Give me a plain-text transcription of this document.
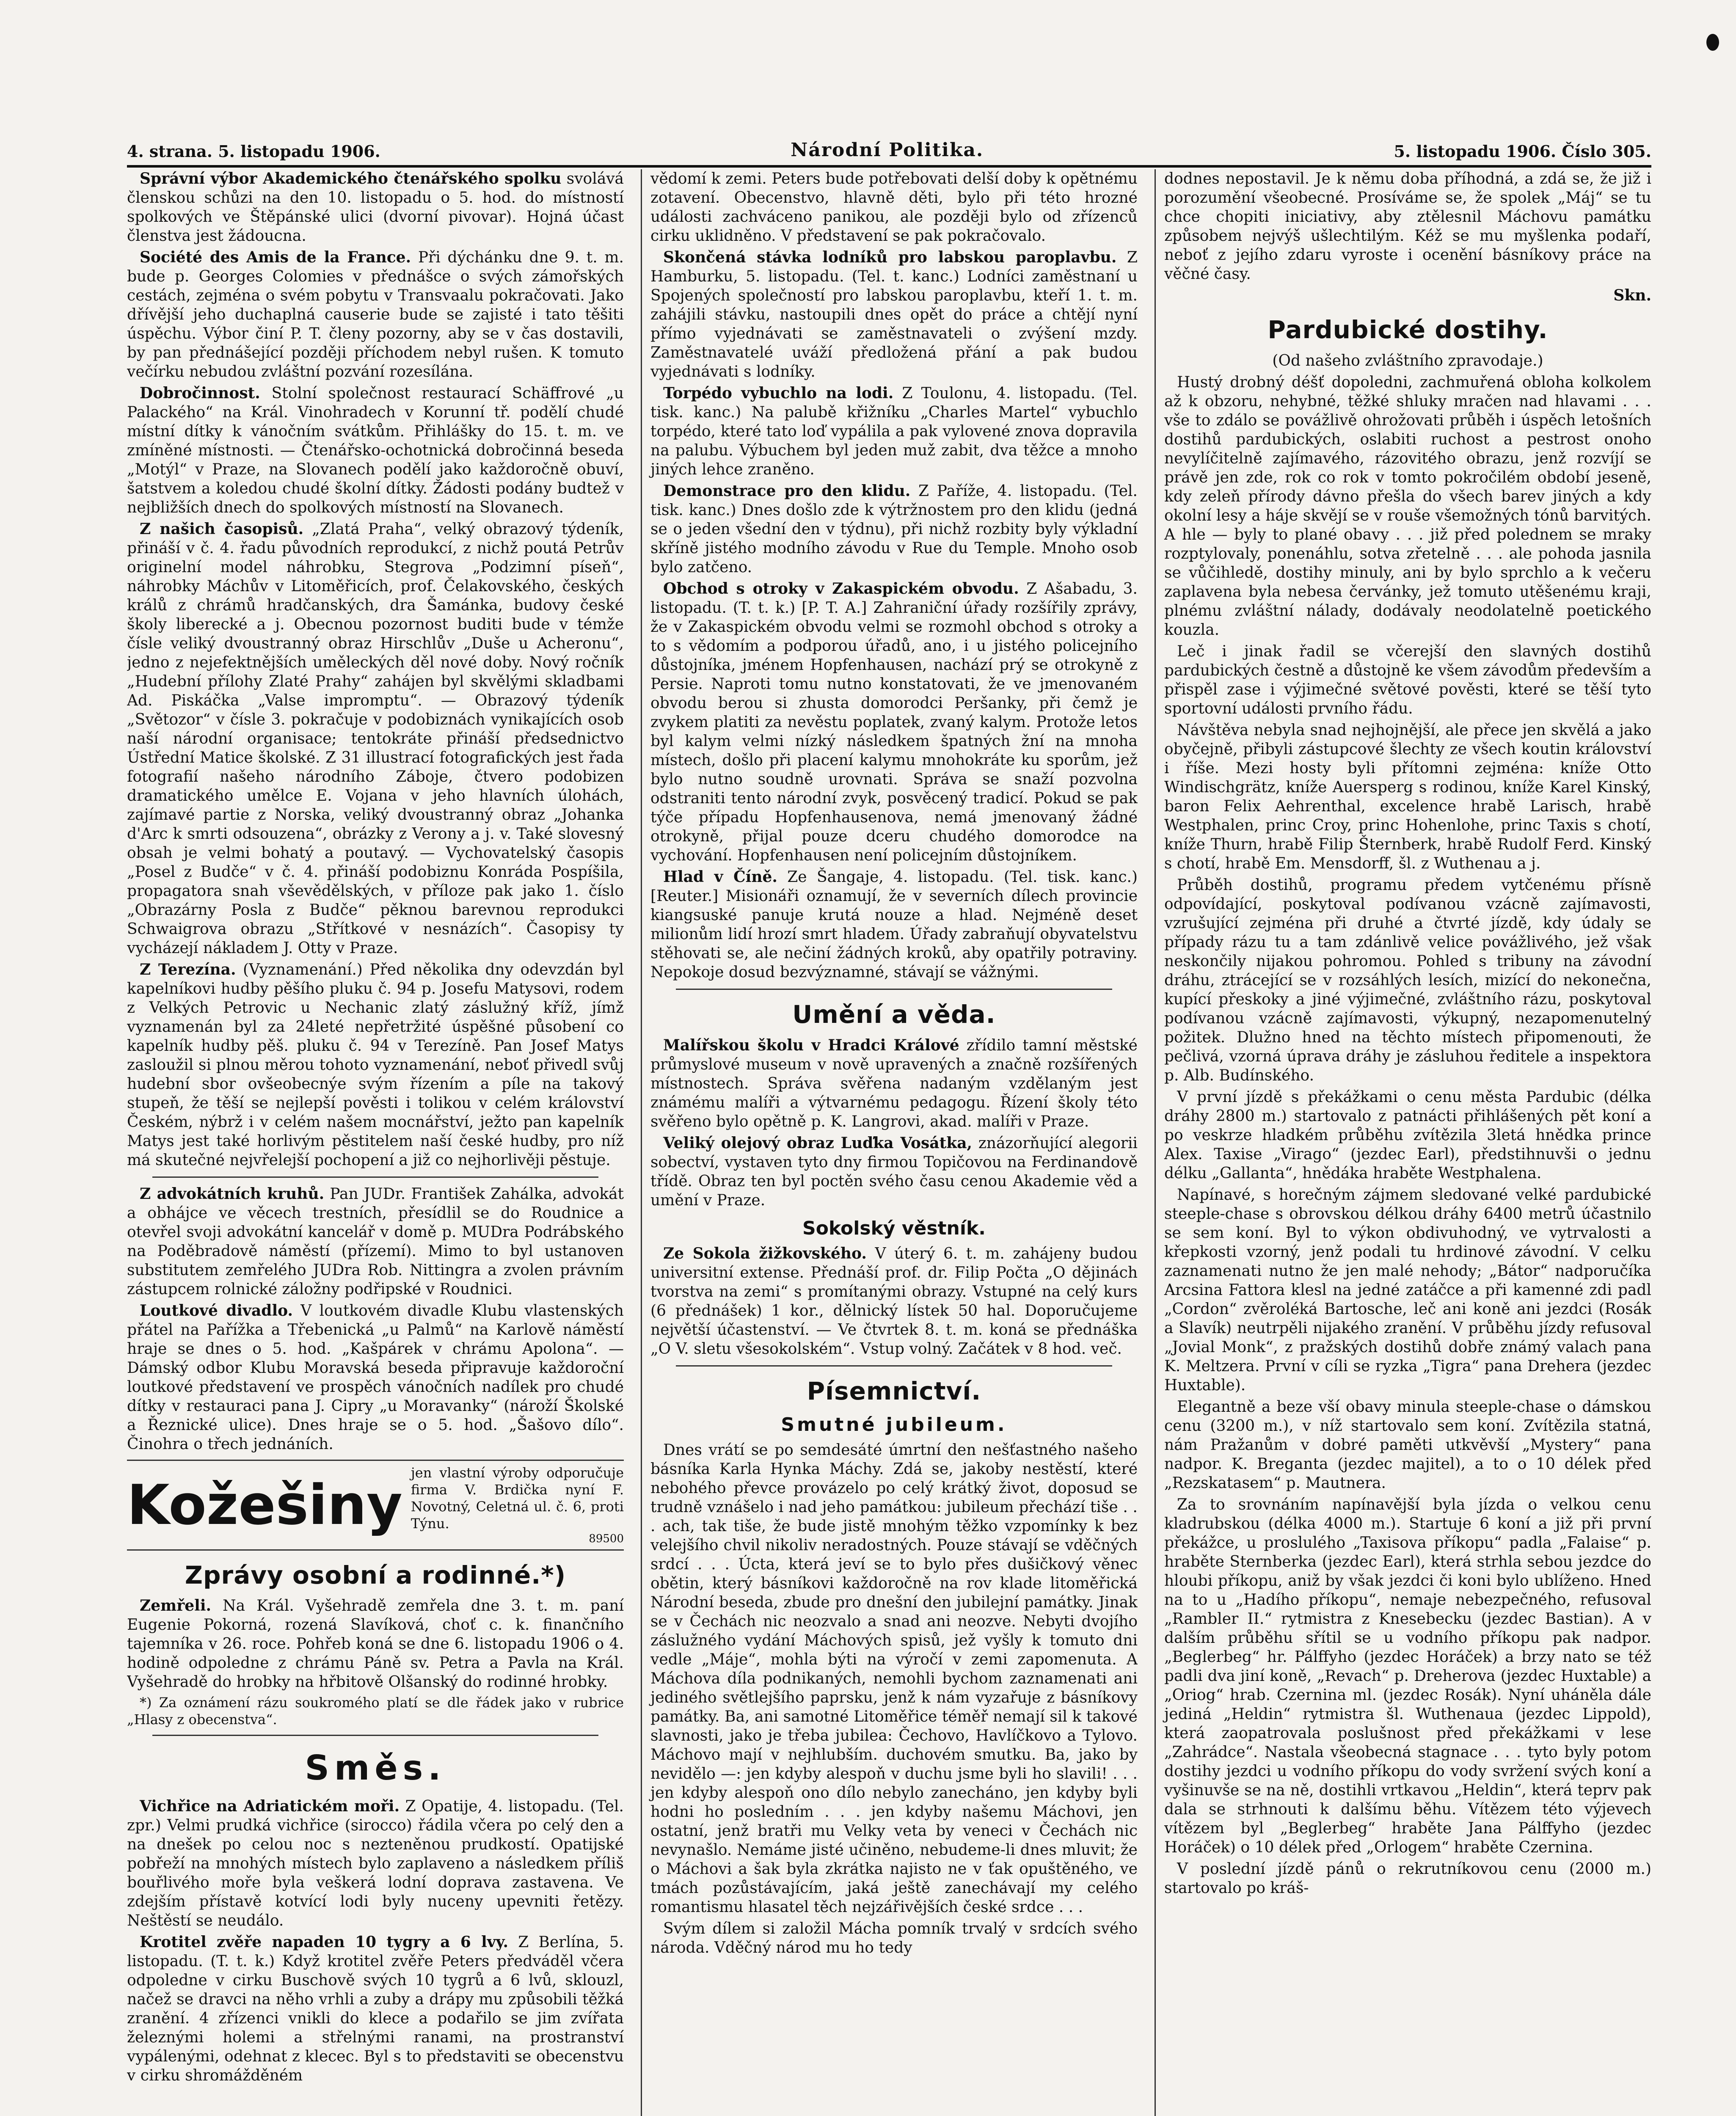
4. strana. 5. listopadu 1906.	Národní Politika.	5. listopadu 1906. Číslo 305.

Správní výbor Akademického čtenářského spolku svolává členskou schůzi na den 10. listopadu o 5. hod. do místností spolkových ve Štěpánské ulici (dvorní pivovar). Hojná účast členstva jest žádoucna.

Société des Amis de la France. Při dýchánku dne 9. t. m. bude p. Georges Colomies v přednášce o svých zámořských cestách, zejména o svém pobytu v Transvaalu pokračovati. Jako dřívější jeho duchaplná causerie bude se zajisté i tato těšiti úspěchu. Výbor činí P. T. členy pozorny, aby se v čas dostavili, by pan přednášející později příchodem nebyl rušen. K tomuto večírku nebudou zvláštní pozvání rozesílána.

Dobročinnost. Stolní společnost restaurací Schäffrové „u Palackého“ na Král. Vinohradech v Korunní tř. podělí chudé místní dítky k vánočním svátkům. Přihlášky do 15. t. m. ve zmíněné místnosti. — Čtenářsko-ochotnická dobročinná beseda „Motýl“ v Praze, na Slovanech podělí jako každoročně obuví, šatstvem a koledou chudé školní dítky. Žádosti podány budtež v nejbližších dnech do spolkových místností na Slovanech.

Z našich časopisů. „Zlatá Praha“, velký obrazový týdeník, přináší v č. 4. řadu původních reprodukcí, z nichž poutá Petrův originelní model náhrobku, Stegrova „Podzimní píseň“, náhrobky Máchův v Litoměřicích, prof. Čelakovského, českých králů z chrámů hradčanských, dra Šamánka, budovy české školy liberecké a j. Obecnou pozornost buditi bude v témže čísle veliký dvoustranný obraz Hirschlův „Duše u Acheronu“, jedno z nejefektnějších uměleckých děl nové doby. Nový ročník „Hudební přílohy Zlaté Prahy“ zahájen byl skvělými skladbami Ad. Piskáčka „Valse impromptu“. — Obrazový týdeník „Světozor“ v čísle 3. pokračuje v podobiznách vynikajících osob naší národní organisace; tentokráte přináší předsednictvo Ústřední Matice školské. Z 31 illustrací fotografických jest řada fotografií našeho národního Záboje, čtvero podobizen dramatického umělce E. Vojana v jeho hlavních úlohách, zajímavé partie z Norska, veliký dvoustranný obraz „Johanka d'Arc k smrti odsouzena“, obrázky z Verony a j. v. Také slovesný obsah je velmi bohatý a poutavý. — Vychovatelský časopis „Posel z Budče“ v č. 4. přináší podobiznu Konráda Pospíšila, propagatora snah vševědělských, v příloze pak jako 1. číslo „Obrazárny Posla z Budče“ pěknou barevnou reprodukci Schwaigrova obrazu „Střítkové v nesnázích“. Časopisy ty vycházejí nákladem J. Otty v Praze.

Z Terezína. (Vyznamenání.) Před několika dny odevzdán byl kapelníkovi hudby pěšího pluku č. 94 p. Josefu Matysovi, rodem z Velkých Petrovic u Nechanic zlatý záslužný kříž, jímž vyznamenán byl za 24leté nepřetržité úspěšné působení co kapelník hudby pěš. pluku č. 94 v Terezíně. Pan Josef Matys zasloužil si plnou měrou tohoto vyznamenání, neboť přivedl svůj hudební sbor ovšeobecnýe svým řízením a píle na takový stupeň, že těší se nejlepší pověsti i tolikou v celém království Českém, nýbrž i v celém našem mocnářství, ježto pan kapelník Matys jest také horlivým pěstitelem naší české hudby, pro níž má skutečné nejvřelejší pochopení a již co nejhorlivěji pěstuje.

Z advokátních kruhů. Pan JUDr. František Zahálka, advokát a obhájce ve věcech trestních, přesídlil se do Roudnice a otevřel svoji advokátní kancelář v domě p. MUDra Podrábského na Poděbradově náměstí (přízemí). Mimo to byl ustanoven substitutem zemřelého JUDra Rob. Nittingra a zvolen právním zástupcem rolnické záložny podřipské v Roudnici.

Loutkové divadlo. V loutkovém divadle Klubu vlastenských přátel na Pařížka a Třebenická „u Palmů“ na Karlově náměstí hraje se dnes o 5. hod. „Kašpárek v chrámu Apolona“. — Dámský odbor Klubu Moravská beseda připravuje každoroční loutkové představení ve prospěch vánočních nadílek pro chudé dítky v restauraci pana J. Cipry „u Moravanky“ (nároží Školské a Řeznické ulice). Dnes hraje se o 5. hod. „Šašovo dílo“. Činohra o třech jednáních.

Kožešiny
jen vlastní výroby odporučuje firma V. Brdička nyní F. Novotný, Celetná ul. č. 6, proti Týnu.
89500
Zprávy osobní a rodinné.*)

Zemřeli. Na Král. Vyšehradě zemřela dne 3. t. m. paní Eugenie Pokorná, rozená Slavíková, choť c. k. finančního tajemníka v 26. roce. Pohřeb koná se dne 6. listopadu 1906 o 4. hodině odpoledne z chrámu Páně sv. Petra a Pavla na Král. Vyšehradě do hrobky na hřbitově Olšanský do rodinné hrobky.

*) Za oznámení rázu soukromého platí se dle řádek jako v rubrice „Hlasy z obecenstva“.

Směs.

Vichřice na Adriatickém moři. Z Opatije, 4. listopadu. (Tel. zpr.) Velmi prudká vichřice (sirocco) řádila včera po celý den a na dnešek po celou noc s nezteněnou prudkostí. Opatijské pobřeží na mnohých místech bylo zaplaveno a následkem příliš bouřlivého moře byla veškerá lodní doprava zastavena. Ve zdejším přístavě kotvící lodi byly nuceny upevniti řetězy. Neštěstí se neudálo.

Krotitel zvěře napaden 10 tygry a 6 lvy. Z Berlína, 5. listopadu. (T. t. k.) Když krotitel zvěře Peters předváděl včera odpoledne v cirku Buschově svých 10 tygrů a 6 lvů, sklouzl, načež se dravci na něho vrhli a zuby a drápy mu způsobili těžká zranění. 4 zřízenci vnikli do klece a podařilo se jim zvířata železnými holemi a střelnými ranami, na prostranství vypálenými, odehnat z klecec. Byl s to představiti se obecenstvu v cirku shromážděném

vědomí k zemi. Peters bude potřebovati delší doby k opětnému zotavení. Obecenstvo, hlavně děti, bylo při této hrozné události zachváceno panikou, ale později bylo od zřízenců cirku uklidněno. V představení se pak pokračovalo.

Skončená stávka lodníků pro labskou paroplavbu. Z Hamburku, 5. listopadu. (Tel. t. kanc.) Lodníci zaměstnaní u Spojených společností pro labskou paroplavbu, kteří 1. t. m. zahájili stávku, nastoupili dnes opět do práce a chtějí nyní přímo vyjednávati se zaměstnavateli o zvýšení mzdy. Zaměstnavatelé uváží předložená přání a pak budou vyjednávati s lodníky.

Torpédo vybuchlo na lodi. Z Toulonu, 4. listopadu. (Tel. tisk. kanc.) Na palubě křižníku „Charles Martel“ vybuchlo torpédo, které tato loď vypálila a pak vylovené znova dopravila na palubu. Výbuchem byl jeden muž zabit, dva těžce a mnoho jiných lehce zraněno.

Demonstrace pro den klidu. Z Paříže, 4. listopadu. (Tel. tisk. kanc.) Dnes došlo zde k výtržnostem pro den klidu (jedná se o jeden všední den v týdnu), při nichž rozbity byly výkladní skříně jistého modního závodu v Rue du Temple. Mnoho osob bylo zatčeno.

Obchod s otroky v Zakaspickém obvodu. Z Ašabadu, 3. listopadu. (T. t. k.) [P. T. A.] Zahraniční úřady rozšířily zprávy, že v Zakaspickém obvodu velmi se rozmohl obchod s otroky a to s vědomím a podporou úřadů, ano, i u jistého policejního důstojníka, jménem Hopfenhausen, nachází prý se otrokyně z Persie. Naproti tomu nutno konstatovati, že ve jmenovaném obvodu berou si zhusta domorodci Peršanky, při čemž je zvykem platiti za nevěstu poplatek, zvaný kalym. Protože letos byl kalym velmi nízký následkem špatných žní na mnoha místech, došlo při placení kalymu mnohokráte ku sporům, jež bylo nutno soudně urovnati. Správa se snaží pozvolna odstraniti tento národní zvyk, posvěcený tradicí. Pokud se pak týče případu Hopfenhausenova, nemá jmenovaný žádné otrokyně, přijal pouze dceru chudého domorodce na vychování. Hopfenhausen není policejním důstojníkem.

Hlad v Číně. Ze Šangaje, 4. listopadu. (Tel. tisk. kanc.) [Reuter.] Misionáři oznamují, že v severních dílech provincie kiangsuské panuje krutá nouze a hlad. Nejméně deset milionům lidí hrozí smrt hladem. Úřady zabraňují obyvatelstvu stěhovati se, ale nečiní žádných kroků, aby opatřily potraviny. Nepokoje dosud bezvýznamné, stávají se vážnými.

Umění a věda.

Malířskou školu v Hradci Králové zřídilo tamní městské průmyslové museum v nově upravených a značně rozšířených místnostech. Správa svěřena nadaným vzdělaným jest známému malíři a výtvarnému pedagogu. Řízení školy této svěřeno bylo opětně p. K. Langrovi, akad. malíři v Praze.

Veliký olejový obraz Luďka Vosátka, znázorňující alegorii sobectví, vystaven tyto dny firmou Topičovou na Ferdinandově třídě. Obraz ten byl poctěn svého času cenou Akademie věd a umění v Praze.

Sokolský věstník.

Ze Sokola žižkovského. V úterý 6. t. m. zahájeny budou universitní extense. Přednáší prof. dr. Filip Počta „O dějinách tvorstva na zemi“ s promítanými obrazy. Vstupné na celý kurs (6 přednášek) 1 kor., dělnický lístek 50 hal. Doporučujeme největší účastenství. — Ve čtvrtek 8. t. m. koná se přednáška „O V. sletu všesokolském“. Vstup volný. Začátek v 8 hod. več.

Písemnictví.
Smutné jubileum.

Dnes vrátí se po semdesáté úmrtní den nešťastného našeho básníka Karla Hynka Máchy. Zdá se, jakoby nestěstí, které nebohého převce provázelo po celý krátký život, doposud se trudně vznášelo i nad jeho památkou: jubileum přechází tiše . . . ach, tak tiše, že bude jistě mnohým těžko vzpomínky k bez velejšího chvil nikoliv neradostných. Pouze stávají se vděčných srdcí . . . Úcta, která jeví se to bylo přes dušičkový věnec obětin, který básníkovi každoročně na rov klade litoměřická Národní beseda, zbude pro dnešní den jubilejní památky. Jinak se v Čechách nic neozvalo a snad ani neozve. Nebyti dvojího záslužného vydání Máchových spisů, jež vyšly k tomuto dni vedle „Máje“, mohla býti na výročí v zemi zapomenuta. A Máchova díla podnikaných, nemohli bychom zaznamenati ani jediného světlejšího paprsku, jenž k nám vyzařuje z básníkovy památky. Ba, ani samotné Litoměřice téměř nemají sil k takové slavnosti, jako je třeba jubilea: Čechovo, Havlíčkovo a Tylovo. Máchovo mají v nejhlubším. duchovém smutku. Ba, jako by nevidělo —: jen kdyby alespoň v duchu jsme byli ho slavili! . . . jen kdyby alespoň ono dílo nebylo zanecháno, jen kdyby byli hodni ho posledním . . . jen kdyby našemu Máchovi, jen ostatní, jenž bratři mu Velky veta by veneci v Čechách nic nevynašlo. Nemáme jisté učiněno, nebudeme-li dnes mluvit; že o Máchovi a šak byla zkrátka najisto ne v ťak opuštěného, ve tmách pozůstávajícím, jaká ještě zanechávají my celého romantismu hlasatel těch nejzářivějších české srdce . . .

Svým dílem si založil Mácha pomník trvalý v srdcích svého národa. Vděčný národ mu ho tedy

dodnes nepostavil. Je k němu doba příhodná, a zdá se, že již i porozumění všeobecné. Prosíváme se, že spolek „Máj“ se tu chce chopiti iniciativy, aby ztělesnil Máchovu památku způsobem nejvýš ušlechtilým. Kéž se mu myšlenka podaří, neboť z jejího zdaru vyroste i ocenění básníkovy práce na věčné časy.

Skn.

Pardubické dostihy.

(Od našeho zvláštního zpravodaje.)

Hustý drobný déšť dopoledni, zachmuřená obloha kolkolem až k obzoru, nehybné, těžké shluky mračen nad hlavami . . . vše to zdálo se povážlivě ohrožovati průběh i úspěch letošních dostihů pardubických, oslabiti ruchost a pestrost onoho nevylíčitelně zajímavého, rázovitého obrazu, jenž rozvíjí se právě jen zde, rok co rok v tomto pokročilém období jeseně, kdy zeleň přírody dávno přešla do všech barev jiných a kdy okolní lesy a háje skvějí se v rouše všemožných tónů barvitých. A hle — byly to plané obavy . . . již před polednem se mraky rozptylovaly, ponenáhlu, sotva zřetelně . . . ale pohoda jasnila se vůčihledě, dostihy minuly, ani by bylo sprchlo a k večeru zaplavena byla nebesa červánky, jež tomuto utěšenému kraji, plnému zvláštní nálady, dodávaly neodolatelně poetického kouzla.

Leč i jinak řadil se včerejší den slavných dostihů pardubických čestně a důstojně ke všem závodům především a přispěl zase i výjimečné světové pověsti, které se těší tyto sportovní události prvního řádu.

Návštěva nebyla snad nejhojnější, ale přece jen skvělá a jako obyčejně, přibyli zástupcové šlechty ze všech koutin království i říše. Mezi hosty byli přítomni zejména: kníže Otto Windischgrätz, kníže Auersperg s rodinou, kníže Karel Kinský, baron Felix Aehrenthal, excelence hrabě Larisch, hrabě Westphalen, princ Croy, princ Hohenlohe, princ Taxis s chotí, kníže Thurn, hrabě Filip Šternberk, hrabě Rudolf Ferd. Kinský s chotí, hrabě Em. Mensdorff, šl. z Wuthenau a j.

Průběh dostihů, programu předem vytčenému přísně odpovídající, poskytoval podívanou vzácně zajímavosti, vzrušující zejména při druhé a čtvrté jízdě, kdy údaly se případy rázu tu a tam zdánlivě velice povážlivého, jež však neskončily nijakou pohromou. Pohled s tribuny na závodní dráhu, ztrácející se v rozsáhlých lesích, mizící do nekonečna, kupící přeskoky a jiné výjimečné, zvláštního rázu, poskytoval podívanou vzácně zajímavosti, výkupný, nezapomenutelný požitek. Dlužno hned na těchto místech připomenouti, že pečlivá, vzorná úprava dráhy je zásluhou ředitele a inspektora p. Alb. Budínského.

V první jízdě s překážkami o cenu města Pardubic (délka dráhy 2800 m.) startovalo z patnácti přihlášených pět koní a po veskrze hladkém průběhu zvítězila 3letá hnědka prince Alex. Taxise „Virago“ (jezdec Earl), předstihnuvši o jednu délku „Gallanta“, hnědáka hraběte Westphalena.

Napínavé, s horečným zájmem sledované velké pardubické steeple-chase s obrovskou délkou dráhy 6400 metrů účastnilo se sem koní. Byl to výkon obdivuhodný, ve vytrvalosti a křepkosti vzorný, jenž podali tu hrdinové závodní. V celku zaznamenati nutno že jen malé nehody; „Bátor“ nadporučíka Arcsina Fattora klesl na jedné zatáčce a při kamenné zdi padl „Cordon“ zvěroléká Bartosche, leč ani koně ani jezdci (Rosák a Slavík) neutrpěli nijakého zranění. V průběhu jízdy refusoval „Jovial Monk“, z pražských dostihů dobře známý valach pana K. Meltzera. První v cíli se ryzka „Tigra“ pana Drehera (jezdec Huxtable).

Elegantně a beze vší obavy minula steeple-chase o dámskou cenu (3200 m.), v níž startovalo sem koní. Zvítězila statná, nám Pražanům v dobré paměti utkvěvší „Mystery“ pana nadpor. K. Breganta (jezdec majitel), a to o 10 délek před „Rezskatasem“ p. Mautnera.

Za to srovnáním napínavější byla jízda o velkou cenu kladrubskou (délka 4000 m.). Startuje 6 koní a již při první překážce, u proslulého „Taxisova příkopu“ padla „Falaise“ p. hraběte Sternberka (jezdec Earl), která strhla sebou jezdce do hloubi příkopu, aniž by však jezdci či koni bylo ublíženo. Hned na to u „Hadího příkopu“, nemaje nebezpečného, refusoval „Rambler II.“ rytmistra z Knesebecku (jezdec Bastian). A v dalším průběhu sřítil se u vodního příkopu pak nadpor. „Beglerbeg“ hr. Pálffyho (jezdec Horáček) a brzy nato se též padli dva jiní koně, „Revach“ p. Dreherova (jezdec Huxtable) a „Oriog“ hrab. Czernina ml. (jezdec Rosák). Nyní uháněla dále jediná „Heldin“ rytmistra šl. Wuthenaua (jezdec Lippold), která zaopatrovala poslušnost před překážkami v lese „Zahrádce“. Nastala všeobecná stagnace . . . tyto byly potom dostihy jezdci u vodního příkopu do vody svržení svých koní a vyšinuvše se na ně, dostihli vrtkavou „Heldin“, která teprv pak dala se strhnouti k dalšímu běhu. Vítězem této výjevech vítězem byl „Beglerbeg“ hraběte Jana Pálffyho (jezdec Horáček) o 10 délek před „Orlogem“ hraběte Czernina.

V poslední jízdě pánů o rekrutníkovou cenu (2000 m.) startovalo po kráš-
